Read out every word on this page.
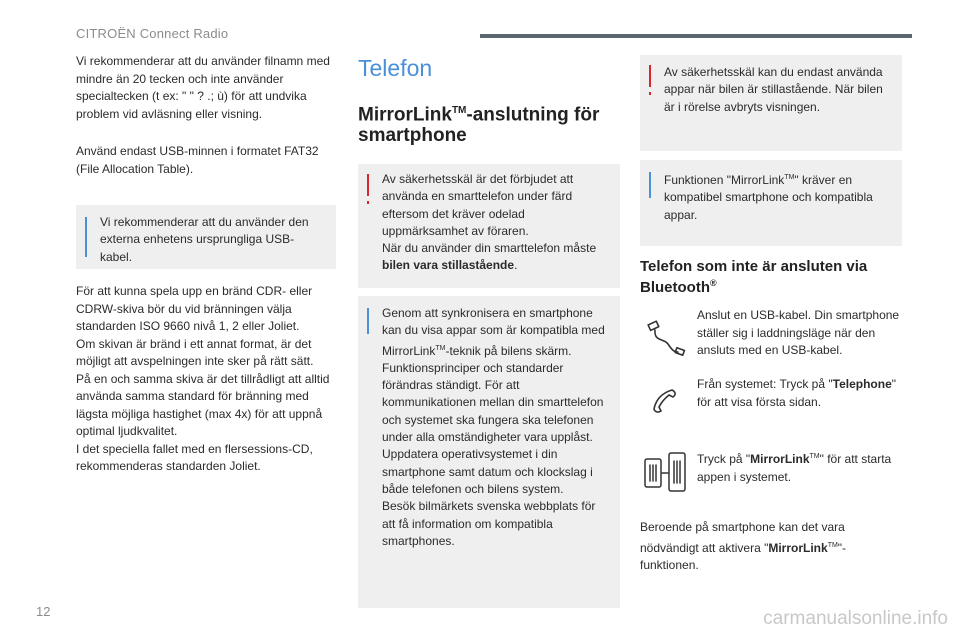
CITROËN Connect Radio

Vi rekommenderar att du använder filnamn med mindre än 20 tecken och inte använder specialtecken (t ex: " " ? .; ù) för att undvika problem vid avläsning eller visning.

Använd endast USB-minnen i formatet FAT32 (File Allocation Table).

Vi rekommenderar att du använder den externa enhetens ursprungliga USB-kabel.

För att kunna spela upp en bränd CDR- eller CDRW-skiva bör du vid bränningen välja standarden ISO 9660 nivå 1, 2 eller Joliet.

Om skivan är bränd i ett annat format, är det möjligt att avspelningen inte sker på rätt sätt.

På en och samma skiva är det tillrådligt att alltid använda samma standard för bränning med lägsta möjliga hastighet (max 4x) för att uppnå optimal ljudkvalitet.

I det speciella fallet med en flersessions-CD, rekommenderas standarden Joliet.

Telefon
MirrorLink™-anslutning för smartphone

Av säkerhetsskäl är det förbjudet att använda en smarttelefon under färd eftersom det kräver odelad uppmärksamhet av föraren.

När du använder din smarttelefon måste bilen vara stillastående.

Genom att synkronisera en smartphone kan du visa appar som är kompatibla med MirrorLink™-teknik på bilens skärm.

Funktionsprinciper och standarder förändras ständigt. För att kommunikationen mellan din smarttelefon och systemet ska fungera ska telefonen under alla omständigheter vara upplåst.

Uppdatera operativsystemet i din smartphone samt datum och klockslag i både telefonen och bilens system.

Besök bilmärkets svenska webbplats för att få information om kompatibla smartphones.

Av säkerhetsskäl kan du endast använda appar när bilen är stillastående. När bilen är i rörelse avbryts visningen.
Funktionen "MirrorLink™" kräver en kompatibel smartphone och kompatibla appar.
Telefon som inte är ansluten via Bluetooth®
Anslut en USB-kabel. Din smartphone ställer sig i laddningsläge när den ansluts med en USB-kabel.
Från systemet: Tryck på "Telephone" för att visa första sidan.
Tryck på "MirrorLink™" för att starta appen i systemet.
Beroende på smartphone kan det vara nödvändigt att aktivera "MirrorLink™"-funktionen.
12	carmanualsonline.info
